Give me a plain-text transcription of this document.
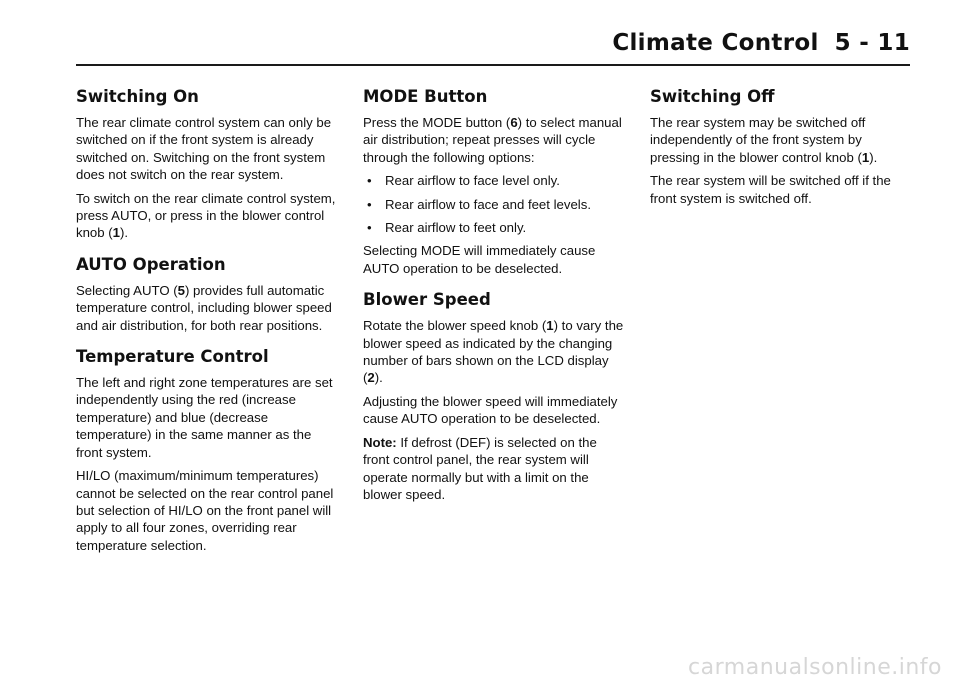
Climate Control 5 - 11
Switching On

The rear climate control system can only be switched on if the front system is already switched on. Switching on the front system does not switch on the rear system.

To switch on the rear climate control system, press AUTO, or press in the blower control knob (1).

AUTO Operation

Selecting AUTO (5) provides full automatic temperature control, including blower speed and air distribution, for both rear positions.

Temperature Control

The left and right zone temperatures are set independently using the red (increase temperature) and blue (decrease temperature) in the same manner as the front system.

HI/LO (maximum/minimum temperatures) cannot be selected on the rear control panel but selection of HI/LO on the front panel will apply to all four zones, overriding rear temperature selection.

MODE Button

Press the MODE button (6) to select manual air distribution; repeat presses will cycle through the following options:

• Rear airflow to face level only.
• Rear airflow to face and feet levels.
• Rear airflow to feet only.

Selecting MODE will immediately cause AUTO operation to be deselected.

Blower Speed

Rotate the blower speed knob (1) to vary the blower speed as indicated by the changing number of bars shown on the LCD display (2).

Adjusting the blower speed will immediately cause AUTO operation to be deselected.

Note: If defrost (DEF) is selected on the front control panel, the rear system will operate normally but with a limit on the blower speed.

Switching Off

The rear system may be switched off independently of the front system by pressing in the blower control knob (1).

The rear system will be switched off if the front system is switched off.

carmanualsonline.info
